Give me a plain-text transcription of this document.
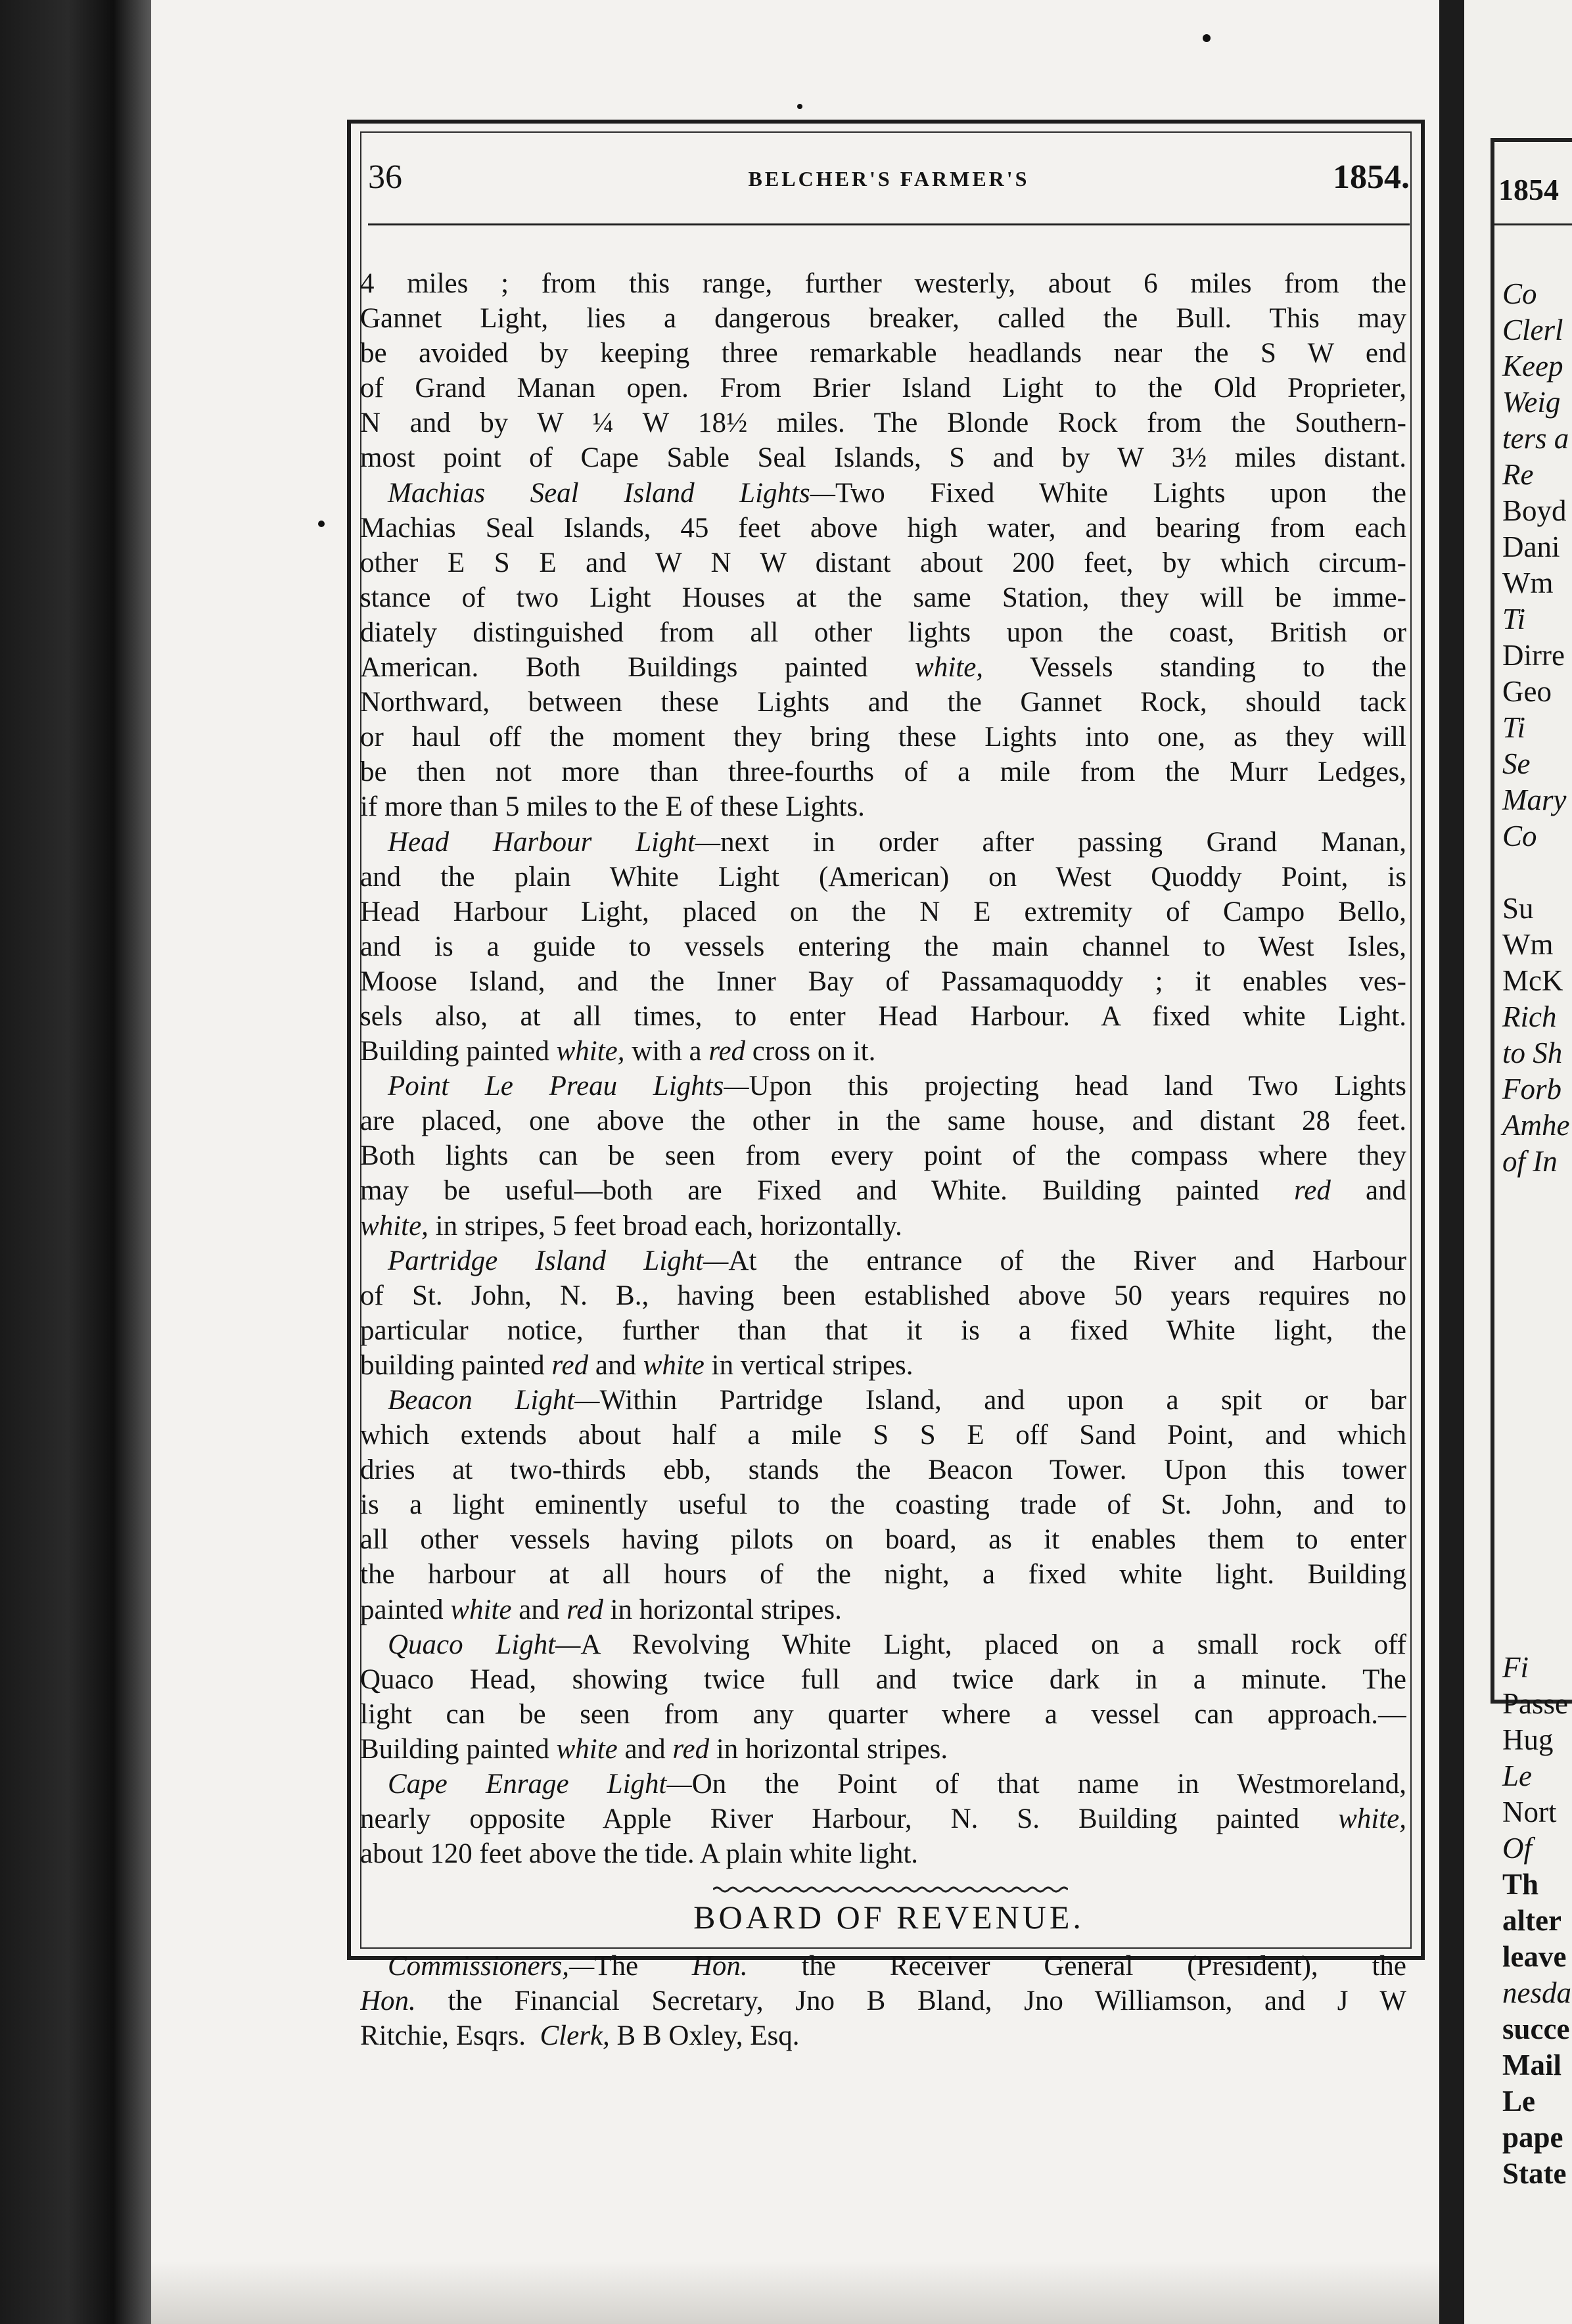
1854
Co
Clerl
Keep
Weig
ters a
Re
Boyd
Dani
Wm
Ti
Dirre
Geo
Ti
Se
Mary
Co

Su
Wm
McK
Rich
to Sh
Forb
Amhe
of In

Fi
Passe
Hug
Le
Nort
Of
Th
alter
leave
nesda
succe
Mail
Le
pape
State
36	BELCHER'S FARMER'S	1854.
4 miles ; from this range, further westerly, about 6 miles from the
Gannet Light, lies a dangerous breaker, called the Bull. This may
be avoided by keeping three remarkable headlands near the S W end
of Grand Manan open. From Brier Island Light to the Old Proprieter,
N and by W ¼ W 18½ miles. The Blonde Rock from the Southern-
most point of Cape Sable Seal Islands, S and by W 3½ miles distant.
Machias Seal Island Lights—Two Fixed White Lights upon the
Machias Seal Islands, 45 feet above high water, and bearing from each
other E S E and W N W distant about 200 feet, by which circum-
stance of two Light Houses at the same Station, they will be imme-
diately distinguished from all other lights upon the coast, British or
American. Both Buildings painted white, Vessels standing to the
Northward, between these Lights and the Gannet Rock, should tack
or haul off the moment they bring these Lights into one, as they will
be then not more than three-fourths of a mile from the Murr Ledges,
if more than 5 miles to the E of these Lights.
Head Harbour Light—next in order after passing Grand Manan,
and the plain White Light (American) on West Quoddy Point, is
Head Harbour Light, placed on the N E extremity of Campo Bello,
and is a guide to vessels entering the main channel to West Isles,
Moose Island, and the Inner Bay of Passamaquoddy ; it enables ves-
sels also, at all times, to enter Head Harbour. A fixed white Light.
Building painted white, with a red cross on it.
Point Le Preau Lights—Upon this projecting head land Two Lights
are placed, one above the other in the same house, and distant 28 feet.
Both lights can be seen from every point of the compass where they
may be useful—both are Fixed and White. Building painted red and
white, in stripes, 5 feet broad each, horizontally.
Partridge Island Light—At the entrance of the River and Harbour
of St. John, N. B., having been established above 50 years requires no
particular notice, further than that it is a fixed White light, the
building painted red and white in vertical stripes.
Beacon Light—Within Partridge Island, and upon a spit or bar
which extends about half a mile S S E off Sand Point, and which
dries at two-thirds ebb, stands the Beacon Tower. Upon this tower
is a light eminently useful to the coasting trade of St. John, and to
all other vessels having pilots on board, as it enables them to enter
the harbour at all hours of the night, a fixed white light. Building
painted white and red in horizontal stripes.
Quaco Light—A Revolving White Light, placed on a small rock off
Quaco Head, showing twice full and twice dark in a minute. The
light can be seen from any quarter where a vessel can approach.—
Building painted white and red in horizontal stripes.
Cape Enrage Light—On the Point of that name in Westmoreland,
nearly opposite Apple River Harbour, N. S. Building painted white,
about 120 feet above the tide. A plain white light.
BOARD OF REVENUE.
Commissioners,—The Hon. the Receiver General (President), the
Hon. the Financial Secretary, Jno B Bland, Jno Williamson, and J W
Ritchie, Esqrs. Clerk, B B Oxley, Esq.
